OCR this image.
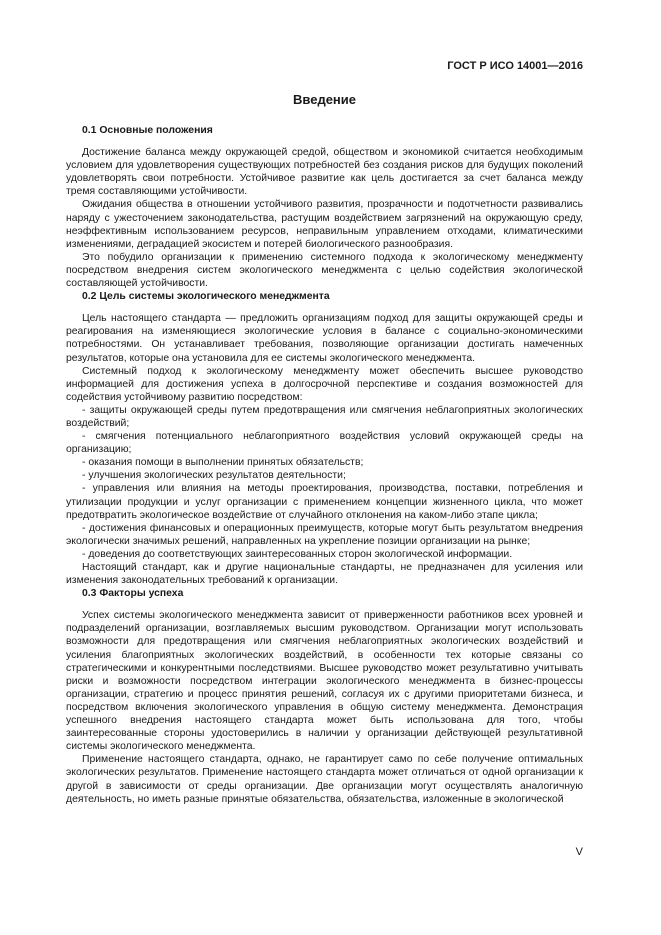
ГОСТ Р ИСО 14001—2016

Введение
0.1 Основные положения

Достижение баланса между окружающей средой, обществом и экономикой считается необходимым условием для удовлетворения существующих потребностей без создания рисков для будущих поколений удовлетворять свои потребности. Устойчивое развитие как цель достигается за счет баланса между тремя составляющими устойчивости.

Ожидания общества в отношении устойчивого развития, прозрачности и подотчетности развивались наряду с ужесточением законодательства, растущим воздействием загрязнений на окружающую среду, неэффективным использованием ресурсов, неправильным управлением отходами, климатическими изменениями, деградацией экосистем и потерей биологического разнообразия.

Это побудило организации к применению системного подхода к экологическому менеджменту посредством внедрения систем экологического менеджмента с целью содействия экологической составляющей устойчивости.

0.2 Цель системы экологического менеджмента

Цель настоящего стандарта — предложить организациям подход для защиты окружающей среды и реагирования на изменяющиеся экологические условия в балансе с социально-экономическими потребностями. Он устанавливает требования, позволяющие организации достигать намеченных результатов, которые она установила для ее системы экологического менеджмента.

Системный подход к экологическому менеджменту может обеспечить высшее руководство информацией для достижения успеха в долгосрочной перспективе и создания возможностей для содействия устойчивому развитию посредством:

- защиты окружающей среды путем предотвращения или смягчения неблагоприятных экологических воздействий;

- смягчения потенциального неблагоприятного воздействия условий окружающей среды на организацию;

- оказания помощи в выполнении принятых обязательств;

- улучшения экологических результатов деятельности;

- управления или влияния на методы проектирования, производства, поставки, потребления и утилизации продукции и услуг организации с применением концепции жизненного цикла, что может предотвратить экологическое воздействие от случайного отклонения на каком-либо этапе цикла;

- достижения финансовых и операционных преимуществ, которые могут быть результатом внедрения экологически значимых решений, направленных на укрепление позиции организации на рынке;

- доведения до соответствующих заинтересованных сторон экологической информации.

Настоящий стандарт, как и другие национальные стандарты, не предназначен для усиления или изменения законодательных требований к организации.

0.3 Факторы успеха

Успех системы экологического менеджмента зависит от приверженности работников всех уровней и подразделений организации, возглавляемых высшим руководством. Организации могут использовать возможности для предотвращения или смягчения неблагоприятных экологических воздействий и усиления благоприятных экологических воздействий, в особенности тех которые связаны со стратегическими и конкурентными последствиями. Высшее руководство может результативно учитывать риски и возможности посредством интеграции экологического менеджмента в бизнес-процессы организации, стратегию и процесс принятия решений, согласуя их с другими приоритетами бизнеса, и посредством включения экологического управления в общую систему менеджмента. Демонстрация успешного внедрения настоящего стандарта может быть использована для того, чтобы заинтересованные стороны удостоверились в наличии у организации действующей результативной системы экологического менеджмента.

Применение настоящего стандарта, однако, не гарантирует само по себе получение оптимальных экологических результатов. Применение настоящего стандарта может отличаться от одной организации к другой в зависимости от среды организации. Две организации могут осуществлять аналогичную деятельность, но иметь разные принятые обязательства, обязательства, изложенные в экологической

V
